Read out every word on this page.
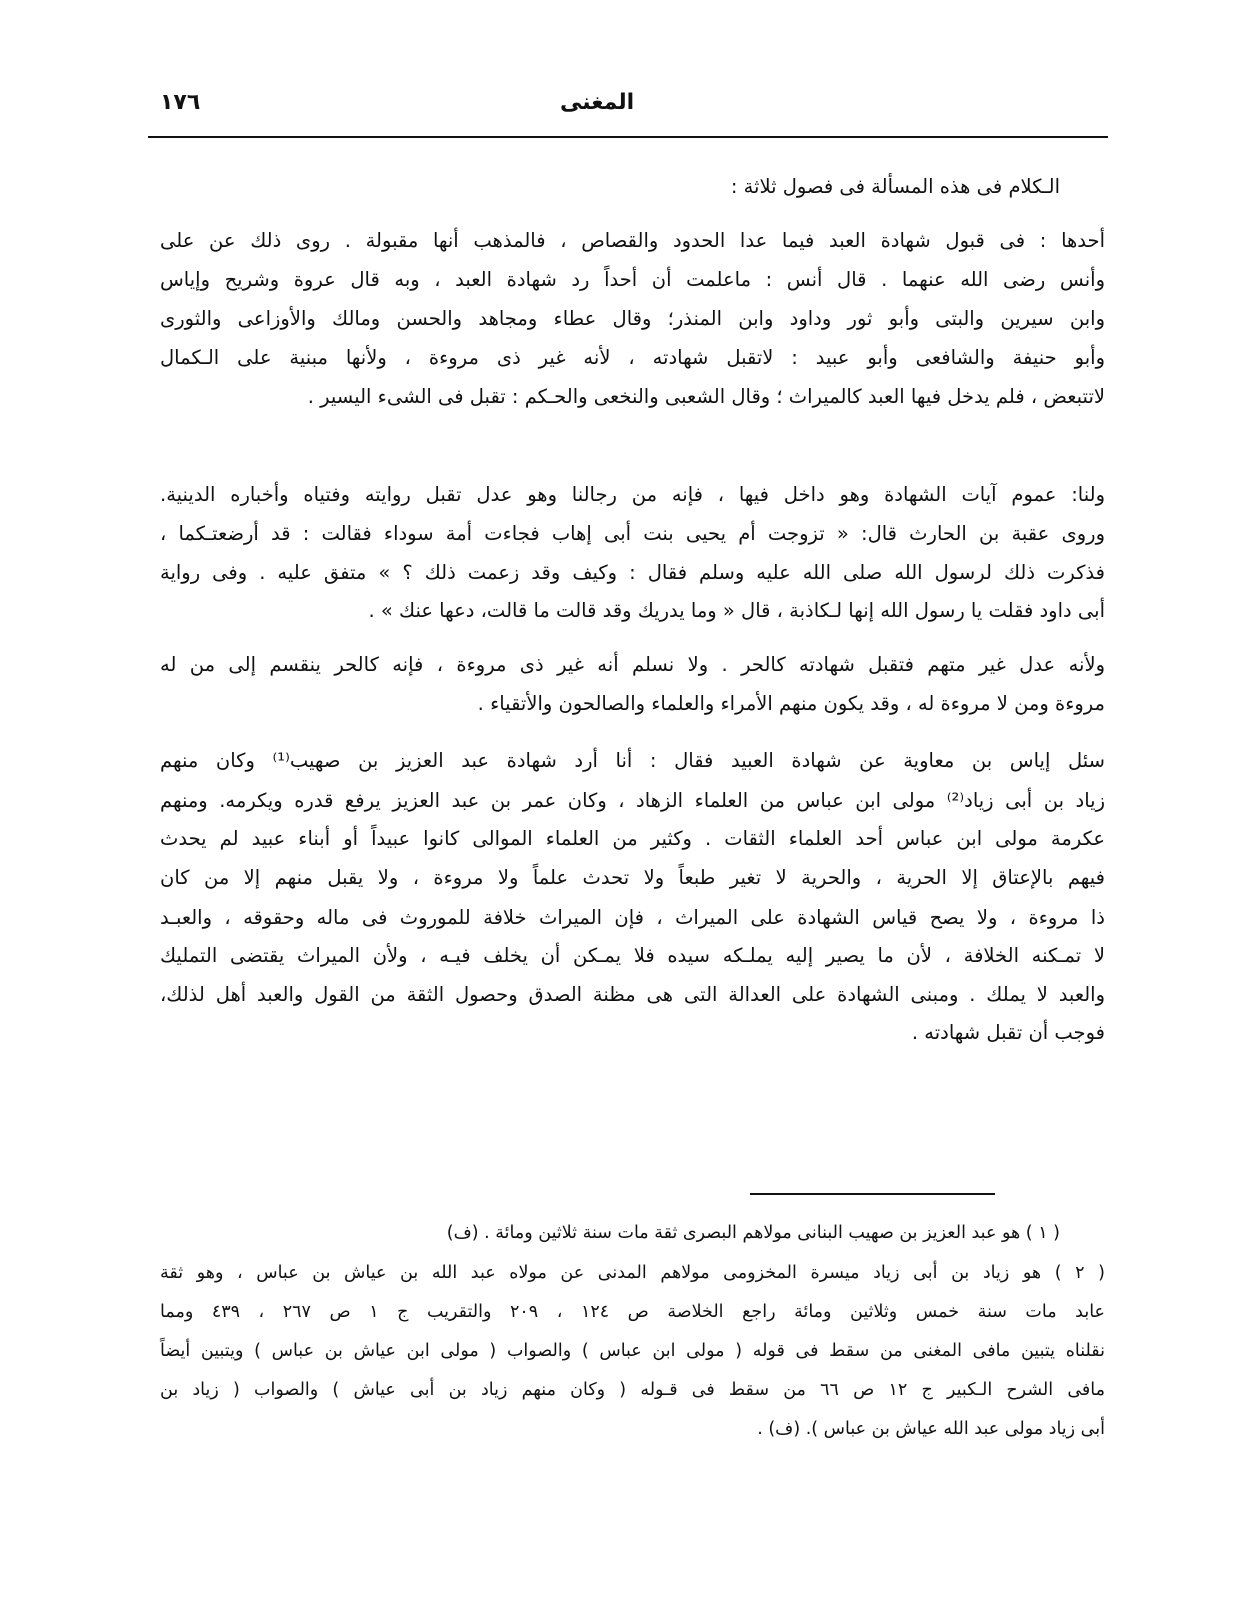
١٧٦	المغنى
الـكلام فى هذه المسألة فى فصول ثلاثة :
أحدها : فى قبول شهادة العبد فيما عدا الحدود والقصاص ، فالمذهب أنها مقبولة . روى ذلك عن على
وأنس رضى الله عنهما . قال أنس : ماعلمت أن أحداً رد شهادة العبد ، وبه قال عروة وشريح وإياس
وابن سيرين والبتى وأبو ثور وداود وابن المنذر؛ وقال عطاء ومجاهد والحسن ومالك والأوزاعى والثورى
وأبو حنيفة والشافعى وأبو عبيد : لاتقبل شهادته ، لأنه غير ذى مروءة ، ولأنها مبنية على الـكمال
لاتتبعض ، فلم يدخل فيها العبد كالميراث ؛ وقال الشعبى والنخعى والحـكم : تقبل فى الشىء اليسير .
ولنا: عموم آيات الشهادة وهو داخل فيها ، فإنه من رجالنا وهو عدل تقبل روايته وفتياه وأخباره الدينية.
وروى عقبة بن الحارث قال: « تزوجت أم يحيى بنت أبى إهاب فجاءت أمة سوداء فقالت : قد أرضعتـكما ،
فذكرت ذلك لرسول الله صلى الله عليه وسلم فقال : وكيف وقد زعمت ذلك ؟ » متفق عليه . وفى رواية
أبى داود فقلت يا رسول الله إنها لـكاذبة ، قال « وما يدريك وقد قالت ما قالت، دعها عنك » .
ولأنه عدل غير متهم فتقبل شهادته كالحر . ولا نسلم أنه غير ذى مروءة ، فإنه كالحر ينقسم إلى من له
مروءة ومن لا مروءة له ، وقد يكون منهم الأمراء والعلماء والصالحون والأتقياء .
سئل إياس بن معاوية عن شهادة العبيد فقال : أنا أرد شهادة عبد العزيز بن صهيب⁽¹⁾ وكان منهم
زياد بن أبى زياد⁽²⁾ مولى ابن عباس من العلماء الزهاد ، وكان عمر بن عبد العزيز يرفع قدره ويكرمه. ومنهم
عكرمة مولى ابن عباس أحد العلماء الثقات . وكثير من العلماء الموالى كانوا عبيداً أو أبناء عبيد لم يحدث
فيهم بالإعتاق إلا الحرية ، والحرية لا تغير طبعاً ولا تحدث علماً ولا مروءة ، ولا يقبل منهم إلا من كان
ذا مروءة ، ولا يصح قياس الشهادة على الميراث ، فإن الميراث خلافة للموروث فى ماله وحقوقه ، والعبـد
لا تمـكنه الخلافة ، لأن ما يصير إليه يملـكه سيده فلا يمـكن أن يخلف فيـه ، ولأن الميراث يقتضى التمليك
والعبد لا يملك . ومبنى الشهادة على العدالة التى هى مظنة الصدق وحصول الثقة من القول والعبد أهل لذلك،
فوجب أن تقبل شهادته .
( ١ ) هو عبد العزيز بن صهيب البنانى مولاهم البصرى ثقة مات سنة ثلاثين ومائة . (ف)
( ٢ ) هو زياد بن أبى زياد ميسرة المخزومى مولاهم المدنى عن مولاه عبد الله بن عياش بن عباس ، وهو ثقة
عابد مات سنة خمس وثلاثين ومائة راجع الخلاصة ص ١٢٤ ، ٢٠٩ والتقريب ج ١ ص ٢٦٧ ، ٤٣٩ ومما
نقلناه يتبين مافى المغنى من سقط فى قوله ( مولى ابن عباس ) والصواب ( مولى ابن عياش بن عباس ) ويتبين أيضاً
مافى الشرح الـكبير ج ١٢ ص ٦٦ من سقط فى قـوله ( وكان منهم زياد بن أبى عياش ) والصواب ( زياد بن
أبى زياد مولى عبد الله عياش بن عباس ). (ف) .
